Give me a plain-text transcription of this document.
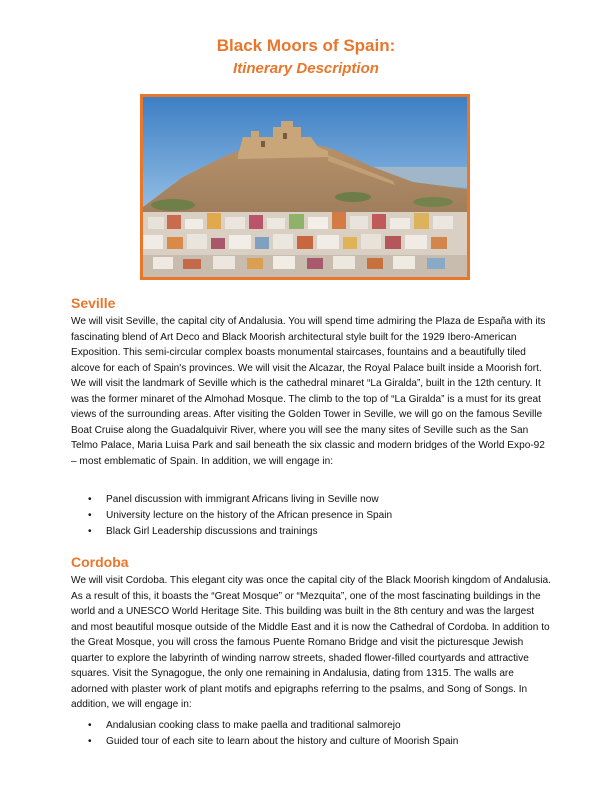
Black Moors of Spain:
Itinerary Description
Seville

We will visit Seville, the capital city of Andalusia. You will spend time admiring the Plaza de España with its fascinating blend of Art Deco and Black Moorish architectural style built for the 1929 Ibero-American Exposition. This semi-circular complex boasts monumental staircases, fountains and a beautifully tiled alcove for each of Spain's provinces. We will visit the Alcazar, the Royal Palace built inside a Moorish fort. We will visit the landmark of Seville which is the cathedral minaret “La Giralda”, built in the 12th century. It was the former minaret of the Almohad Mosque. The climb to the top of “La Giralda” is a must for its great views of the surrounding areas. After visiting the Golden Tower in Seville, we will go on the famous Seville Boat Cruise along the Guadalquivir River, where you will see the many sites of Seville such as the San Telmo Palace, Maria Luisa Park and sail beneath the six classic and modern bridges of the World Expo-92 – most emblematic of Spain. In addition, we will engage in:

• Panel discussion with immigrant Africans living in Seville now
• University lecture on the history of the African presence in Spain
• Black Girl Leadership discussions and trainings
Cordoba

We will visit Cordoba. This elegant city was once the capital city of the Black Moorish kingdom of Andalusia. As a result of this, it boasts the “Great Mosque” or “Mezquita”, one of the most fascinating buildings in the world and a UNESCO World Heritage Site. This building was built in the 8th century and was the largest and most beautiful mosque outside of the Middle East and it is now the Cathedral of Cordoba. In addition to the Great Mosque, you will cross the famous Puente Romano Bridge and visit the picturesque Jewish quarter to explore the labyrinth of winding narrow streets, shaded flower-filled courtyards and attractive squares. Visit the Synagogue, the only one remaining in Andalusia, dating from 1315. The walls are adorned with plaster work of plant motifs and epigraphs referring to the psalms, and Song of Songs. In addition, we will engage in:

• Andalusian cooking class to make paella and traditional salmorejo
• Guided tour of each site to learn about the history and culture of Moorish Spain
